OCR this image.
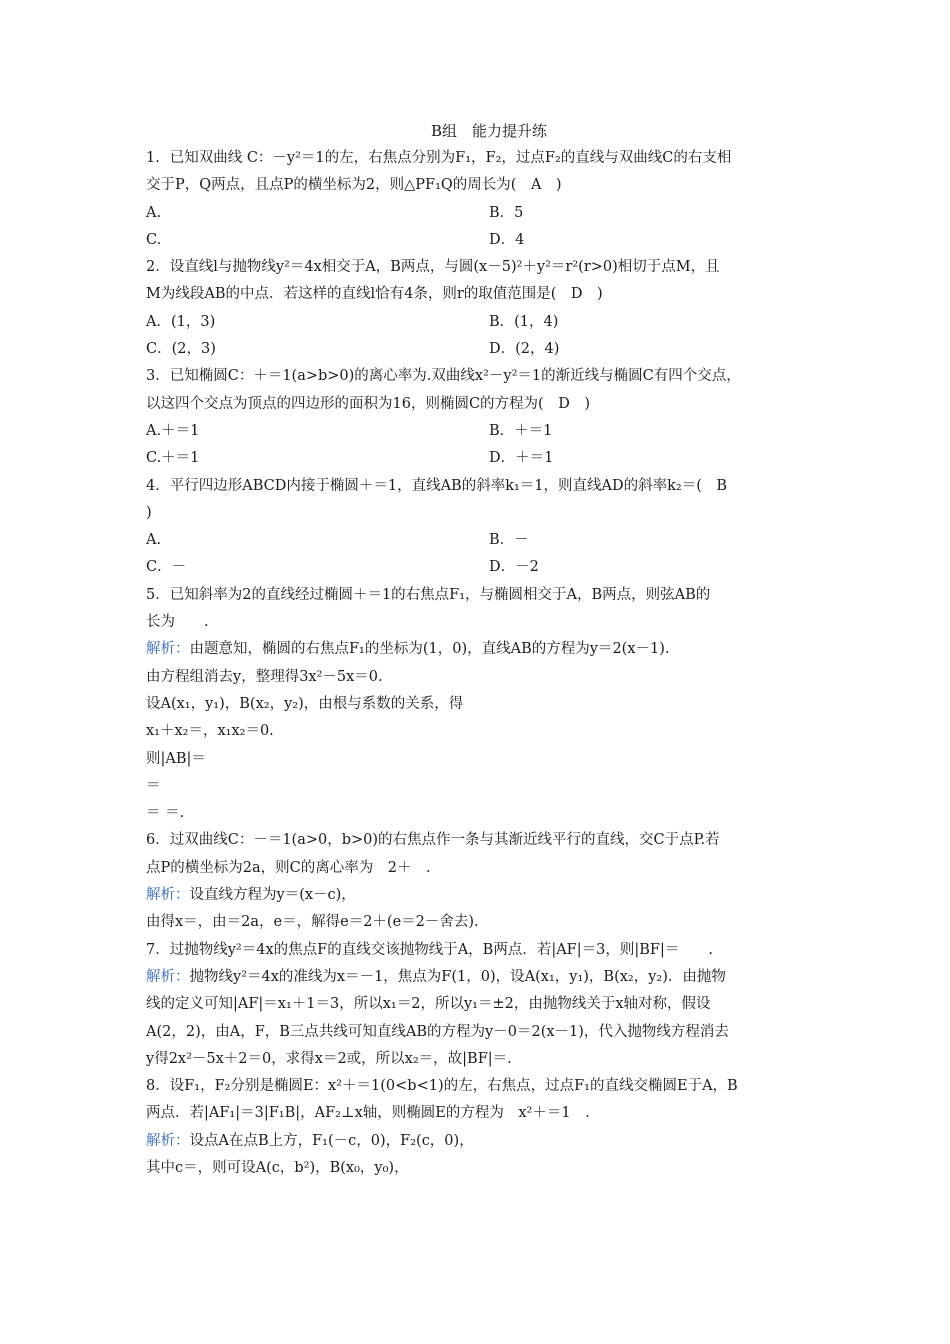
B组　能力提升练
1．已知双曲线 C：－y²＝1的左，右焦点分别为F₁，F₂，过点F₂的直线与双曲线C的右支相
交于P，Q两点，且点P的横坐标为2，则△PF₁Q的周长为(　A　)
A.	B．5
C.	D．4
2．设直线l与抛物线y²＝4x相交于A，B两点，与圆(x－5)²＋y²＝r²(r>0)相切于点M，且
M为线段AB的中点．若这样的直线l恰有4条，则r的取值范围是(　D　)
A．(1，3)	B．(1，4)
C．(2，3)	D．(2，4)
3．已知椭圆C：＋＝1(a>b>0)的离心率为.双曲线x²－y²＝1的渐近线与椭圆C有四个交点，
以这四个交点为顶点的四边形的面积为16，则椭圆C的方程为(　D　)
A.＋＝1	B．＋＝1
C.＋＝1	D．＋＝1
4．平行四边形ABCD内接于椭圆＋＝1，直线AB的斜率k₁＝1，则直线AD的斜率k₂＝(　B
)
A.	B．－
C．－	D．－2
5．已知斜率为2的直线经过椭圆＋＝1的右焦点F₁，与椭圆相交于A，B两点，则弦AB的
长为　　.
解析：由题意知，椭圆的右焦点F₁的坐标为(1，0)，直线AB的方程为y＝2(x－1).
由方程组消去y，整理得3x²－5x＝0.
设A(x₁，y₁)，B(x₂，y₂)，由根与系数的关系，得
x₁＋x₂＝，x₁x₂＝0.
则|AB|＝
＝
＝ ＝.
6．过双曲线C：－＝1(a>0，b>0)的右焦点作一条与其渐近线平行的直线，交C于点P.若
点P的横坐标为2a，则C的离心率为　2＋　.
解析：设直线方程为y＝(x－c)，
由得x＝，由＝2a，e＝，解得e＝2＋(e＝2－舍去).
7．过抛物线y²＝4x的焦点F的直线交该抛物线于A，B两点．若|AF|＝3，则|BF|＝　　.
解析：抛物线y²＝4x的准线为x＝－1，焦点为F(1，0)，设A(x₁，y₁)，B(x₂，y₂)．由抛物
线的定义可知|AF|＝x₁＋1＝3，所以x₁＝2，所以y₁＝±2，由抛物线关于x轴对称，假设
A(2，2)，由A，F，B三点共线可知直线AB的方程为y－0＝2(x－1)，代入抛物线方程消去
y得2x²－5x＋2＝0，求得x＝2或，所以x₂＝，故|BF|＝.
8．设F₁，F₂分别是椭圆E：x²＋＝1(0<b<1)的左，右焦点，过点F₁的直线交椭圆E于A，B
两点．若|AF₁|＝3|F₁B|，AF₂⊥x轴，则椭圆E的方程为　x²＋＝1　.
解析：设点A在点B上方，F₁(－c，0)，F₂(c，0)，
其中c＝，则可设A(c，b²)，B(x₀，y₀)，
